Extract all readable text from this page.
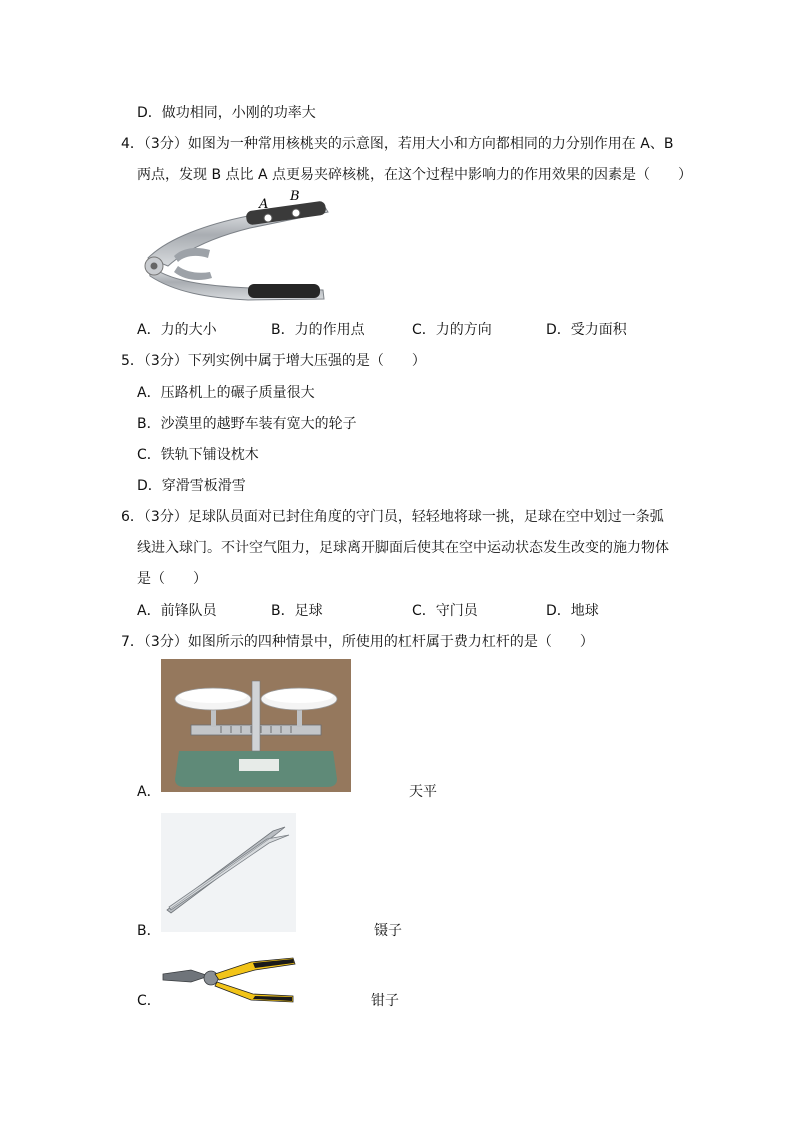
D．做功相同，小刚的功率大
4．（3分）如图为一种常用核桃夹的示意图，若用大小和方向都相同的力分别作用在 A、B
两点，发现 B 点比 A 点更易夹碎核桃，在这个过程中影响力的作用效果的因素是（　　）
A
B
A．力的大小	B．力的作用点	C．力的方向	D．受力面积
5．（3分）下列实例中属于增大压强的是（　　）
A．压路机上的碾子质量很大
B．沙漠里的越野车装有宽大的轮子
C．铁轨下铺设枕木
D．穿滑雪板滑雪
6．（3分）足球队员面对已封住角度的守门员，轻轻地将球一挑，足球在空中划过一条弧
线进入球门。不计空气阻力，足球离开脚面后使其在空中运动状态发生改变的施力物体
是（　　）
A．前锋队员	B．足球	C．守门员	D．地球
7．（3分）如图所示的四种情景中，所使用的杠杆属于费力杠杆的是（　　）
A．	天平
B．	镊子
C．	钳子
